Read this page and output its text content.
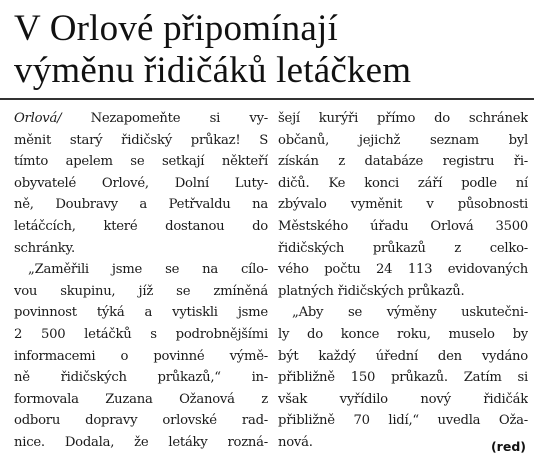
V Orlové připomínají
výměnu řidičáků letáčkem
Orlová/ Nezapomeňte si vy-
měnit starý řidičský průkaz! S
tímto apelem se setkají někteří
obyvatelé Orlové, Dolní Luty-
ně, Doubravy a Petřvaldu na
letáčcích, které dostanou do
schránky.
„Zaměřili jsme se na cílo-
vou skupinu, jíž se zmíněná
povinnost týká a vytiskli jsme
2 500 letáčků s podrobnějšími
informacemi o povinné výmě-
ně řidičských průkazů,“ in-
formovala Zuzana Ožanová z
odboru dopravy orlovské rad-
nice. Dodala, že letáky rozná-
šejí kurýři přímo do schránek
občanů, jejichž seznam byl
získán z databáze registru ři-
dičů. Ke konci září podle ní
zbývalo vyměnit v působnosti
Městského úřadu Orlová 3500
řidičských průkazů z celko-
vého počtu 24 113 evidovaných
platných řidičských průkazů.
„Aby se výměny uskutečni-
ly do konce roku, muselo by
být každý úřední den vydáno
přibližně 150 průkazů. Zatím si
však vyřídilo nový řidičák
přibližně 70 lidí,“ uvedla Oža-
nová.	(red)
